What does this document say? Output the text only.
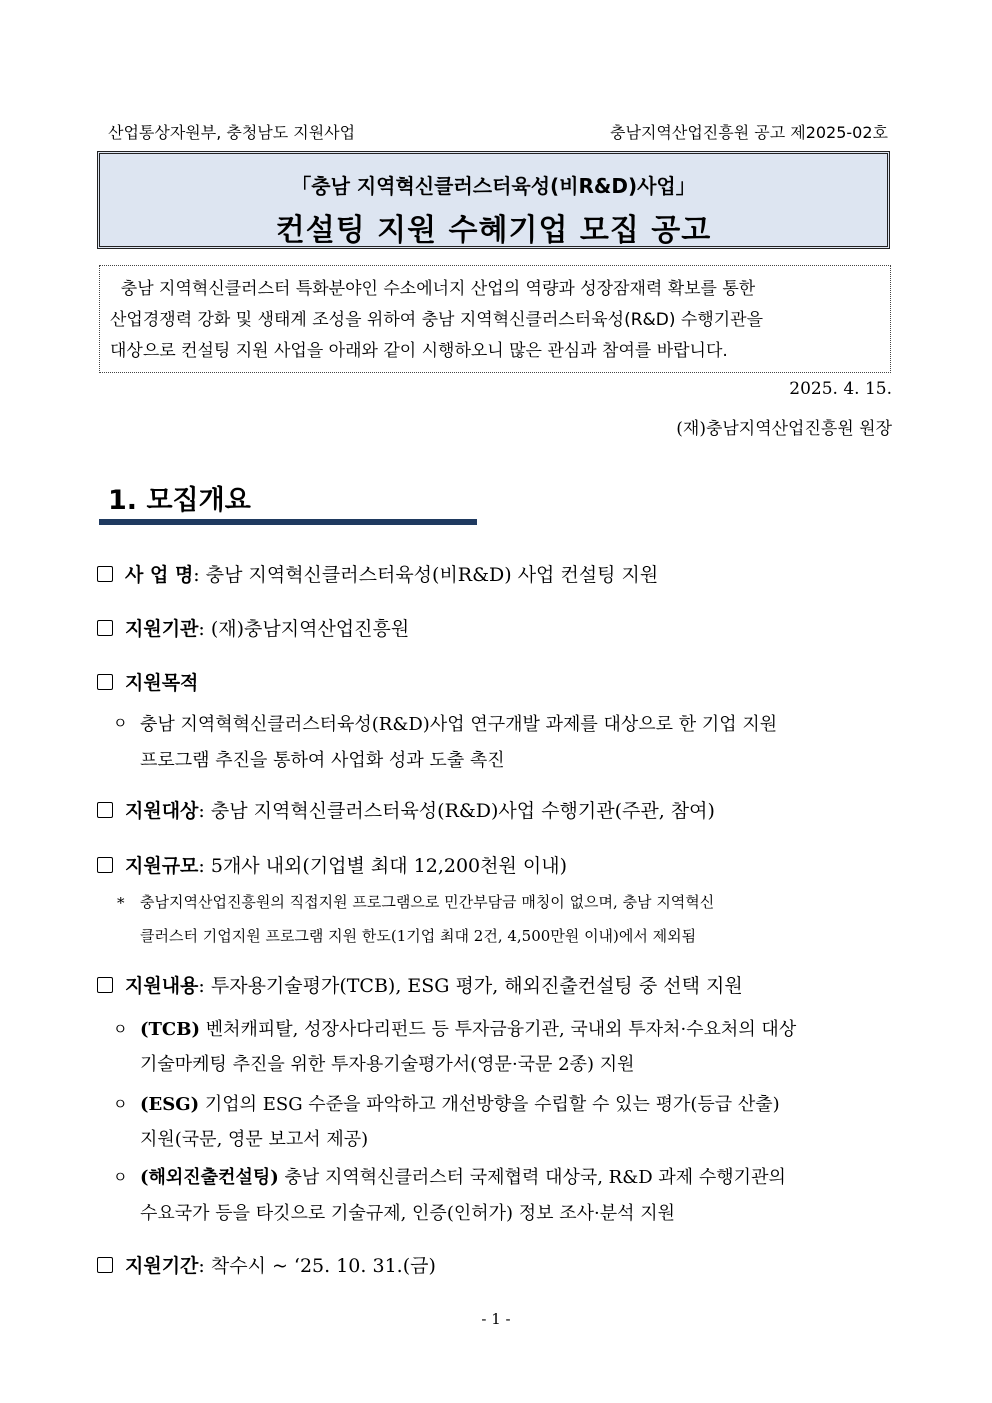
산업통상자원부, 충청남도 지원사업	충남지역산업진흥원 공고 제2025-02호
「충남 지역혁신클러스터육성(비R&D)사업」
컨설팅 지원 수혜기업 모집 공고
충남 지역혁신클러스터 특화분야인 수소에너지 산업의 역량과 성장잠재력 확보를 통한
산업경쟁력 강화 및 생태계 조성을 위하여 충남 지역혁신클러스터육성(R&D) 수행기관을
대상으로 컨설팅 지원 사업을 아래와 같이 시행하오니 많은 관심과 참여를 바랍니다.
2025. 4. 15.
(재)충남지역산업진흥원 원장
1. 모집개요
사 업 명: 충남 지역혁신클러스터육성(비R&D) 사업 컨설팅 지원
지원기관: (재)충남지역산업진흥원
지원목적
ㅇ 충남 지역혁혁신클러스터육성(R&D)사업 연구개발 과제를 대상으로 한 기업 지원
프로그램 추진을 통하여 사업화 성과 도출 촉진
지원대상: 충남 지역혁신클러스터육성(R&D)사업 수행기관(주관, 참여)
지원규모: 5개사 내외(기업별 최대 12,200천원 이내)
* 충남지역산업진흥원의 직접지원 프로그램으로 민간부담금 매칭이 없으며, 충남 지역혁신
클러스터 기업지원 프로그램 지원 한도(1기업 최대 2건, 4,500만원 이내)에서 제외됨
지원내용: 투자용기술평가(TCB), ESG 평가, 해외진출컨설팅 중 선택 지원
ㅇ (TCB) 벤처캐피탈, 성장사다리펀드 등 투자금융기관, 국내외 투자처·수요처의 대상
기술마케팅 추진을 위한 투자용기술평가서(영문·국문 2종) 지원
ㅇ (ESG) 기업의 ESG 수준을 파악하고 개선방향을 수립할 수 있는 평가(등급 산출)
지원(국문, 영문 보고서 제공)
ㅇ (해외진출컨설팅) 충남 지역혁신클러스터 국제협력 대상국, R&D 과제 수행기관의
수요국가 등을 타깃으로 기술규제, 인증(인허가) 정보 조사·분석 지원
지원기간: 착수시 ~ ‘25. 10. 31.(금)
- 1 -
